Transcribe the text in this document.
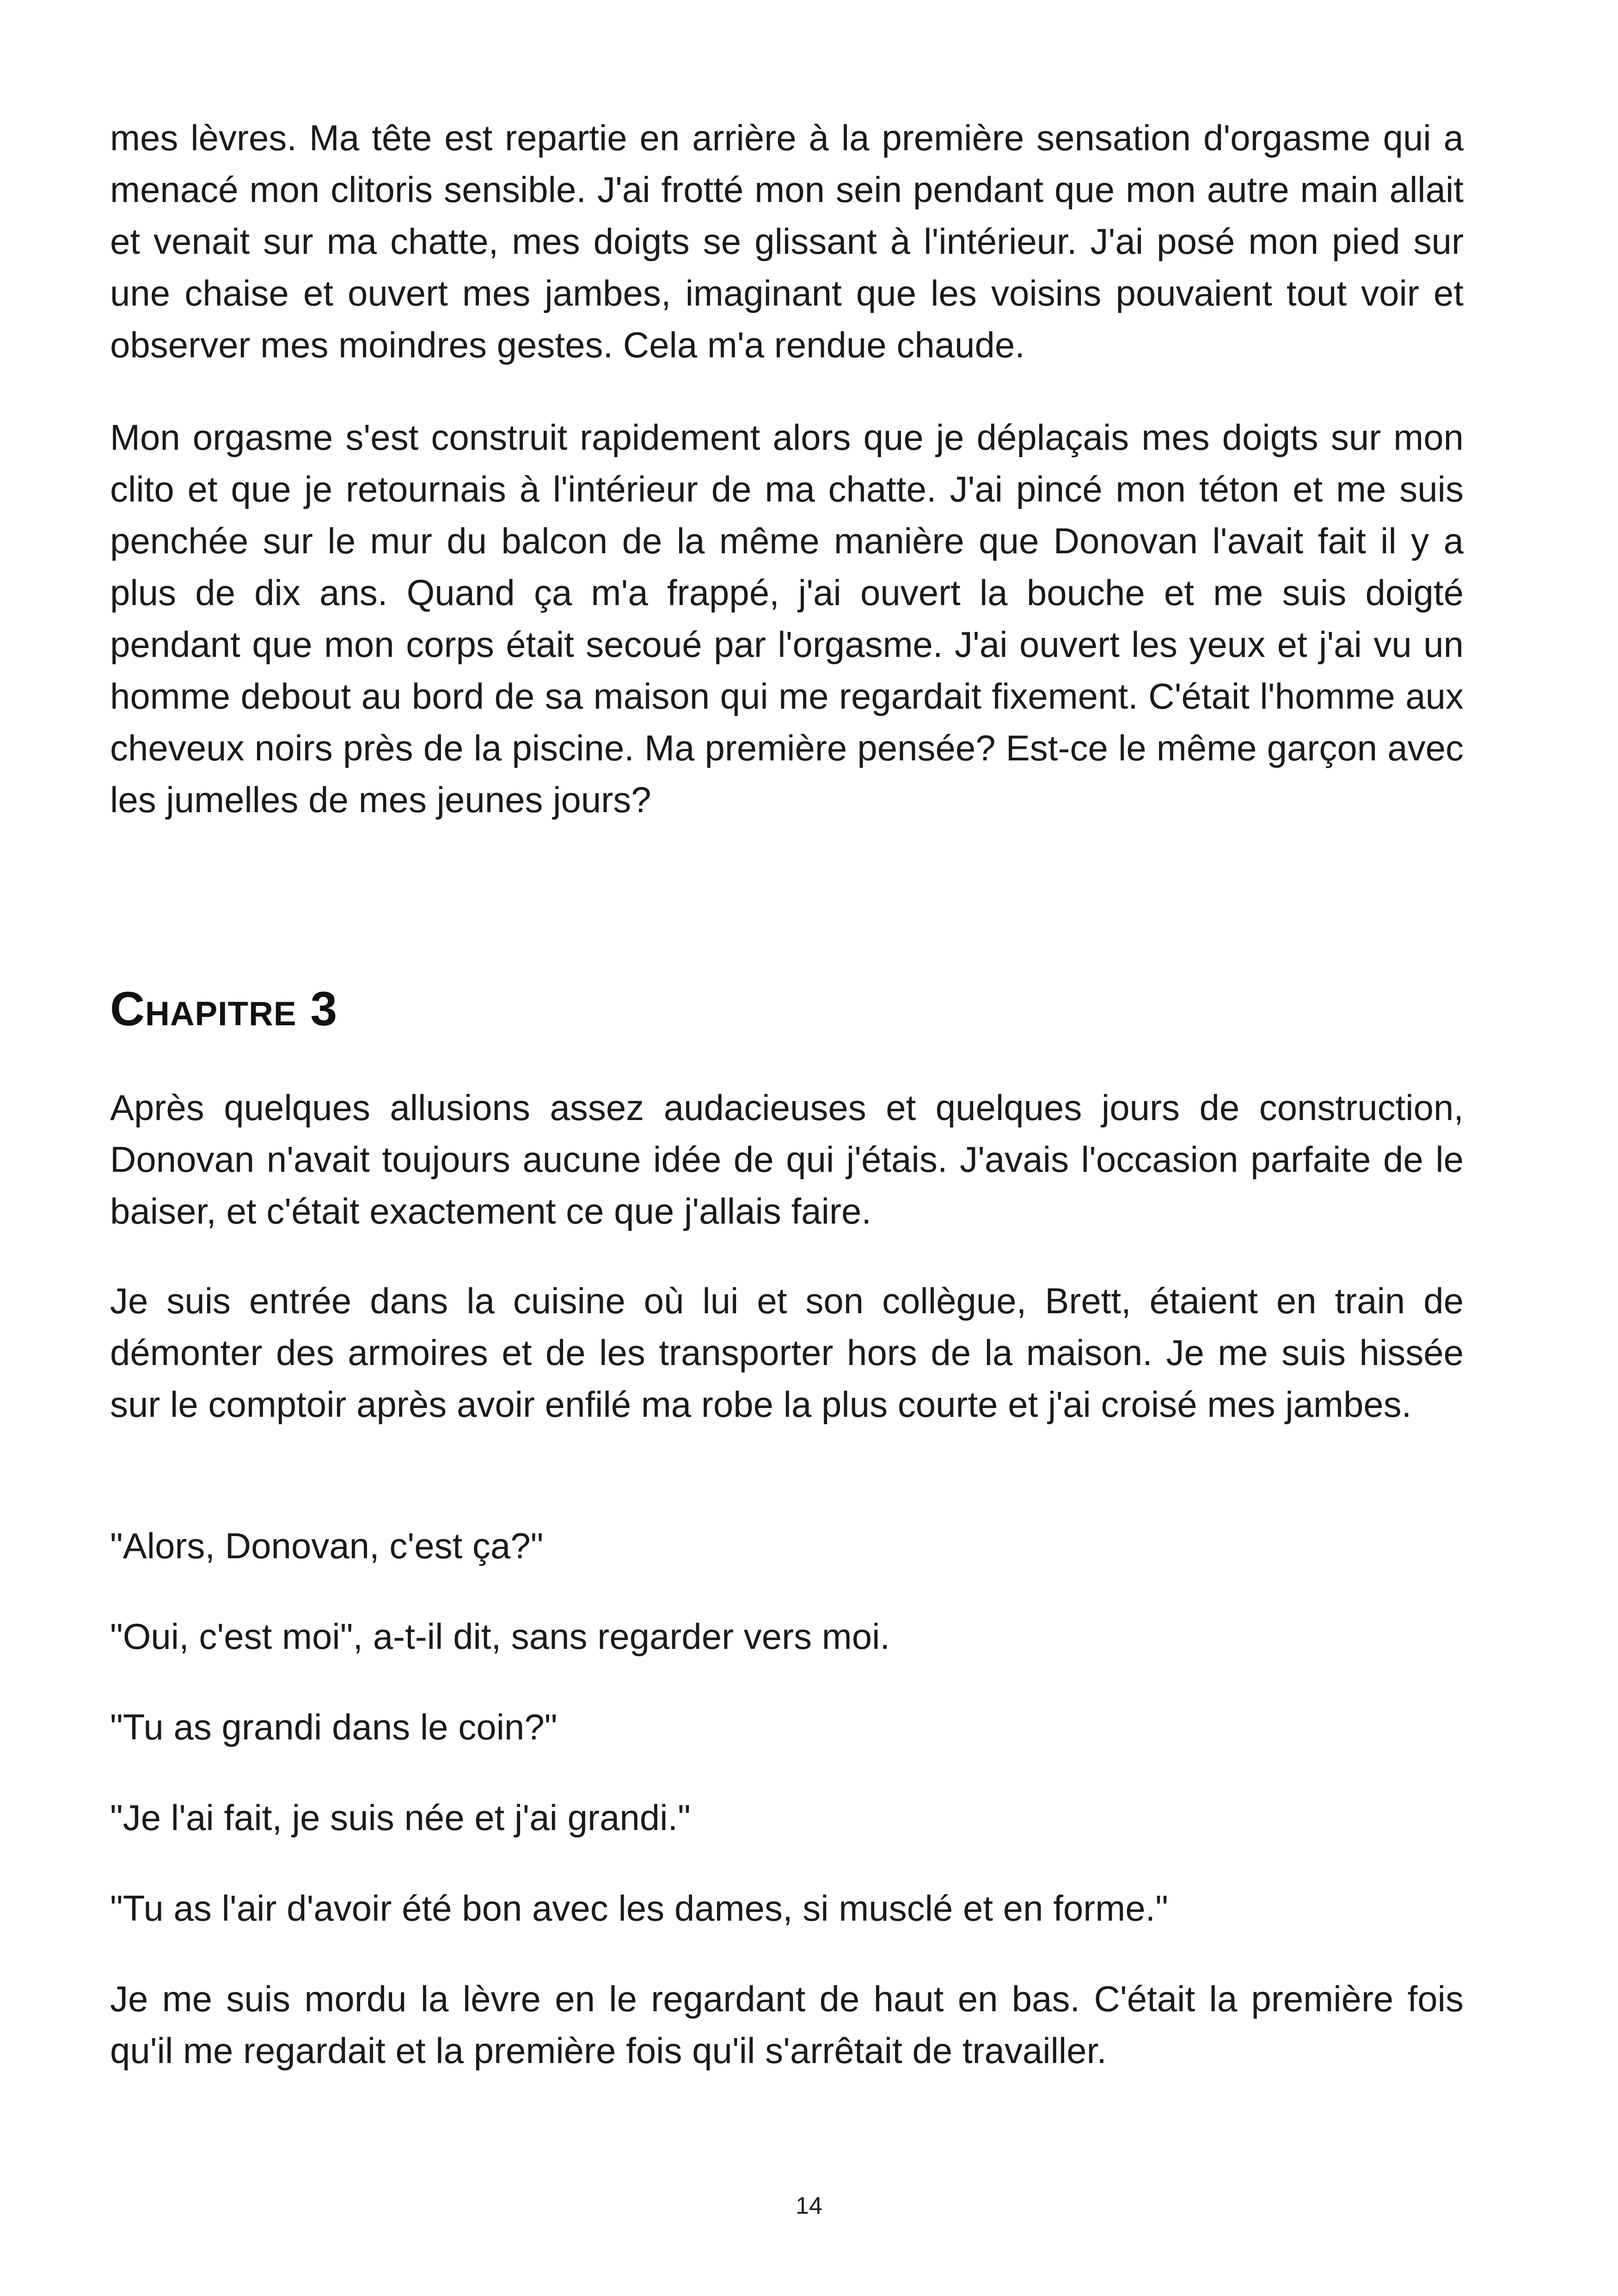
mes lèvres. Ma tête est repartie en arrière à la première sensation d'orgasme qui a menacé mon clitoris sensible. J'ai frotté mon sein pendant que mon autre main allait et venait sur ma chatte, mes doigts se glissant à l'intérieur. J'ai posé mon pied sur une chaise et ouvert mes jambes, imaginant que les voisins pouvaient tout voir et observer mes moindres gestes. Cela m'a rendue chaude.

Mon orgasme s'est construit rapidement alors que je déplaçais mes doigts sur mon clito et que je retournais à l'intérieur de ma chatte. J'ai pincé mon téton et me suis penchée sur le mur du balcon de la même manière que Donovan l'avait fait il y a plus de dix ans. Quand ça m'a frappé, j'ai ouvert la bouche et me suis doigté pendant que mon corps était secoué par l'orgasme. J'ai ouvert les yeux et j'ai vu un homme debout au bord de sa maison qui me regardait fixement. C'était l'homme aux cheveux noirs près de la piscine. Ma première pensée? Est-ce le même garçon avec les jumelles de mes jeunes jours?

Chapitre 3

Après quelques allusions assez audacieuses et quelques jours de construction, Donovan n'avait toujours aucune idée de qui j'étais. J'avais l'occasion parfaite de le baiser, et c'était exactement ce que j'allais faire.

Je suis entrée dans la cuisine où lui et son collègue, Brett, étaient en train de démonter des armoires et de les transporter hors de la maison. Je me suis hissée sur le comptoir après avoir enfilé ma robe la plus courte et j'ai croisé mes jambes.

"Alors, Donovan, c'est ça?"

"Oui, c'est moi", a-t-il dit, sans regarder vers moi.

"Tu as grandi dans le coin?"

"Je l'ai fait, je suis née et j'ai grandi."

"Tu as l'air d'avoir été bon avec les dames, si musclé et en forme."

Je me suis mordu la lèvre en le regardant de haut en bas. C'était la première fois qu'il me regardait et la première fois qu'il s'arrêtait de travailler.

14
